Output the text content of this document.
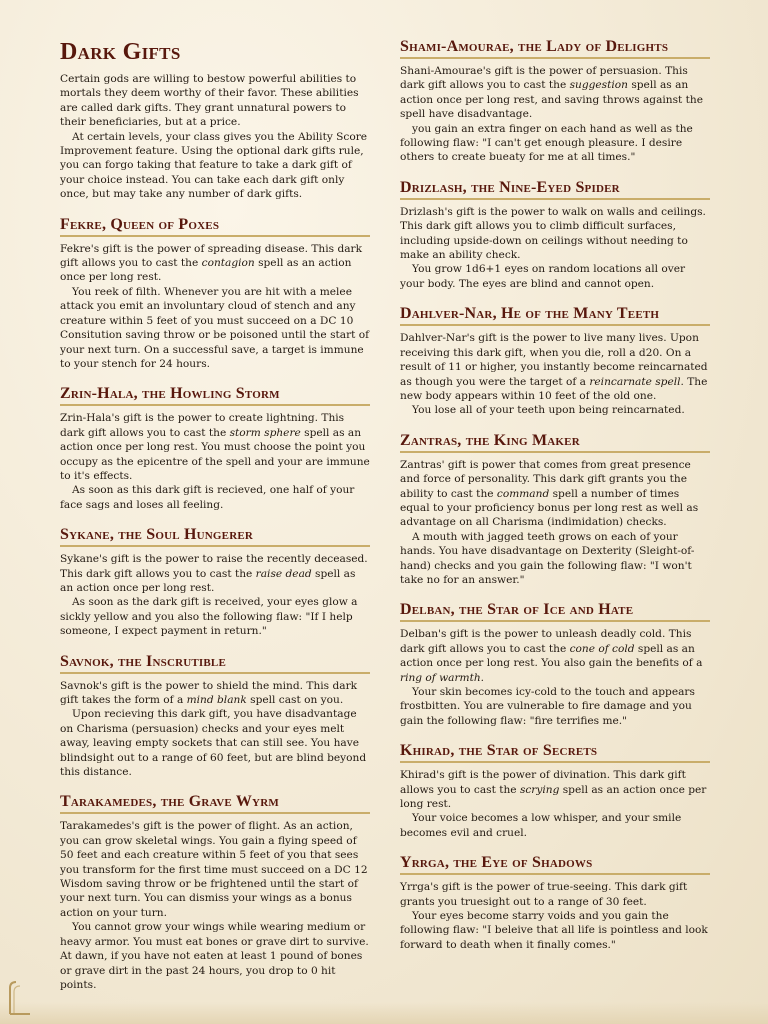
Dark Gifts

Certain gods are willing to bestow powerful abilities to mortals they deem worthy of their favor. These abilities are called dark gifts. They grant unnatural powers to their beneficiaries, but at a price.

At certain levels, your class gives you the Ability Score Improvement feature. Using the optional dark gifts rule, you can forgo taking that feature to take a dark gift of your choice instead. You can take each dark gift only once, but may take any number of dark gifts.

Fekre, Queen of Poxes

Fekre's gift is the power of spreading disease. This dark gift allows you to cast the contagion spell as an action once per long rest.

You reek of filth. Whenever you are hit with a melee attack you emit an involuntary cloud of stench and any creature within 5 feet of you must succeed on a DC 10 Consitution saving throw or be poisoned until the start of your next turn. On a successful save, a target is immune to your stench for 24 hours.

Zrin-Hala, the Howling Storm

Zrin-Hala's gift is the power to create lightning. This dark gift allows you to cast the storm sphere spell as an action once per long rest. You must choose the point you occupy as the epicentre of the spell and your are immune to it's effects.

As soon as this dark gift is recieved, one half of your face sags and loses all feeling.

Sykane, the Soul Hungerer

Sykane's gift is the power to raise the recently deceased. This dark gift allows you to cast the raise dead spell as an action once per long rest.

As soon as the dark gift is received, your eyes glow a sickly yellow and you also the following flaw: "If I help someone, I expect payment in return."

Savnok, the Inscrutible

Savnok's gift is the power to shield the mind. This dark gift takes the form of a mind blank spell cast on you.

Upon recieving this dark gift, you have disadvantage on Charisma (persuasion) checks and your eyes melt away, leaving empty sockets that can still see. You have blindsight out to a range of 60 feet, but are blind beyond this distance.

Tarakamedes, the Grave Wyrm

Tarakamedes's gift is the power of flight. As an action, you can grow skeletal wings. You gain a flying speed of 50 feet and each creature within 5 feet of you that sees you transform for the first time must succeed on a DC 12 Wisdom saving throw or be frightened until the start of your next turn. You can dismiss your wings as a bonus action on your turn.

You cannot grow your wings while wearing medium or heavy armor. You must eat bones or grave dirt to survive. At dawn, if you have not eaten at least 1 pound of bones or grave dirt in the past 24 hours, you drop to 0 hit points.

Shami-Amourae, the Lady of Delights

Shani-Amourae's gift is the power of persuasion. This dark gift allows you to cast the suggestion spell as an action once per long rest, and saving throws against the spell have disadvantage.

you gain an extra finger on each hand as well as the following flaw: "I can't get enough pleasure. I desire others to create bueaty for me at all times."

Drizlash, the Nine-Eyed Spider

Drizlash's gift is the power to walk on walls and ceilings. This dark gift allows you to climb difficult surfaces, including upside-down on ceilings without needing to make an ability check.

You grow 1d6+1 eyes on random locations all over your body. The eyes are blind and cannot open.

Dahlver-Nar, He of the Many Teeth

Dahlver-Nar's gift is the power to live many lives. Upon receiving this dark gift, when you die, roll a d20. On a result of 11 or higher, you instantly become reincarnated as though you were the target of a reincarnate spell. The new body appears within 10 feet of the old one.

You lose all of your teeth upon being reincarnated.

Zantras, the King Maker

Zantras' gift is power that comes from great presence and force of personality. This dark gift grants you the ability to cast the command spell a number of times equal to your proficiency bonus per long rest as well as advantage on all Charisma (indimidation) checks.

A mouth with jagged teeth grows on each of your hands. You have disadvantage on Dexterity (Sleight-of-hand) checks and you gain the following flaw: "I won't take no for an answer."

Delban, the Star of Ice and Hate

Delban's gift is the power to unleash deadly cold. This dark gift allows you to cast the cone of cold spell as an action once per long rest. You also gain the benefits of a ring of warmth.

Your skin becomes icy-cold to the touch and appears frostbitten. You are vulnerable to fire damage and you gain the following flaw: "fire terrifies me."

Khirad, the Star of Secrets

Khirad's gift is the power of divination. This dark gift allows you to cast the scrying spell as an action once per long rest.

Your voice becomes a low whisper, and your smile becomes evil and cruel.

Yrrga, the Eye of Shadows

Yrrga's gift is the power of true-seeing. This dark gift grants you truesight out to a range of 30 feet.

Your eyes become starry voids and you gain the following flaw: "I beleive that all life is pointless and look forward to death when it finally comes."
